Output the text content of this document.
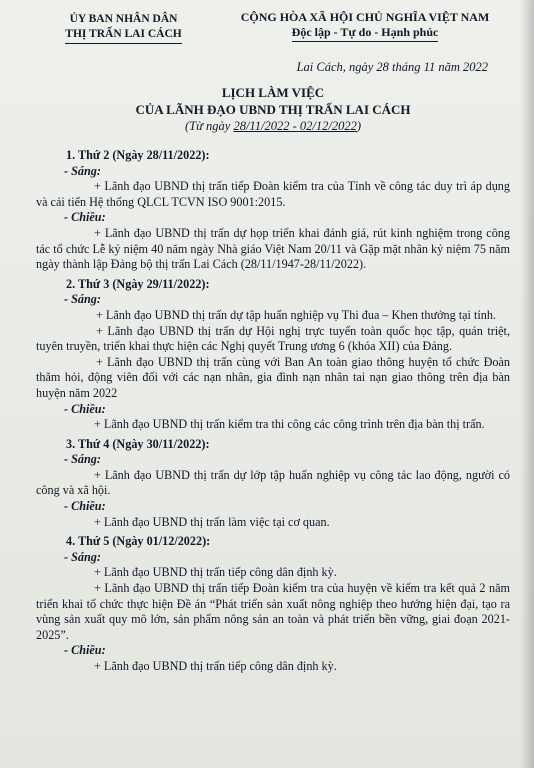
ỦY BAN NHÂN DÂN
THỊ TRẤN LAI CÁCH
CỘNG HÒA XÃ HỘI CHỦ NGHĨA VIỆT NAM
Độc lập - Tự do - Hạnh phúc
Lai Cách, ngày 28 tháng 11 năm 2022
LỊCH LÀM VIỆC
CỦA LÃNH ĐẠO UBND THỊ TRẤN LAI CÁCH
(Từ ngày 28/11/2022 - 02/12/2022)
1. Thứ 2 (Ngày 28/11/2022):
- Sáng:
+ Lãnh đạo UBND thị trấn tiếp Đoàn kiểm tra của Tỉnh về công tác duy trì áp dụng và cải tiến Hệ thống QLCL TCVN ISO 9001:2015.
- Chiều:
+ Lãnh đạo UBND thị trấn dự họp triển khai đánh giá, rút kinh nghiệm trong công tác tổ chức Lễ kỷ niệm 40 năm ngày Nhà giáo Việt Nam 20/11 và Gặp mặt nhân kỷ niệm 75 năm ngày thành lập Đảng bộ thị trấn Lai Cách (28/11/1947-28/11/2022).
2. Thứ 3 (Ngày 29/11/2022):
- Sáng:
+ Lãnh đạo UBND thị trấn dự tập huấn nghiệp vụ Thi đua – Khen thưởng tại tỉnh.
+ Lãnh đạo UBND thị trấn dự Hội nghị trực tuyến toàn quốc học tập, quán triệt, tuyên truyền, triển khai thực hiện các Nghị quyết Trung ương 6 (khóa XII) của Đảng.
+ Lãnh đạo UBND thị trấn cùng với Ban An toàn giao thông huyện tổ chức Đoàn thăm hỏi, động viên đối với các nạn nhân, gia đình nạn nhân tai nạn giao thông trên địa bàn huyện năm 2022
- Chiều:
+ Lãnh đạo UBND thị trấn kiểm tra thi công các công trình trên địa bàn thị trấn.
3. Thứ 4 (Ngày 30/11/2022):
- Sáng:
+ Lãnh đạo UBND thị trấn dự lớp tập huấn nghiệp vụ công tác lao động, người có công và xã hội.
- Chiều:
+ Lãnh đạo UBND thị trấn làm việc tại cơ quan.
4. Thứ 5 (Ngày 01/12/2022):
- Sáng:
+ Lãnh đạo UBND thị trấn tiếp công dân định kỳ.
+ Lãnh đạo UBND thị trấn tiếp Đoàn kiểm tra của huyện về kiểm tra kết quả 2 năm triển khai tổ chức thực hiện Đề án “Phát triển sản xuất nông nghiệp theo hướng hiện đại, tạo ra vùng sản xuất quy mô lớn, sản phẩm nông sản an toàn và phát triển bền vững, giai đoạn 2021- 2025”.
- Chiều:
+ Lãnh đạo UBND thị trấn tiếp công dân định kỳ.
